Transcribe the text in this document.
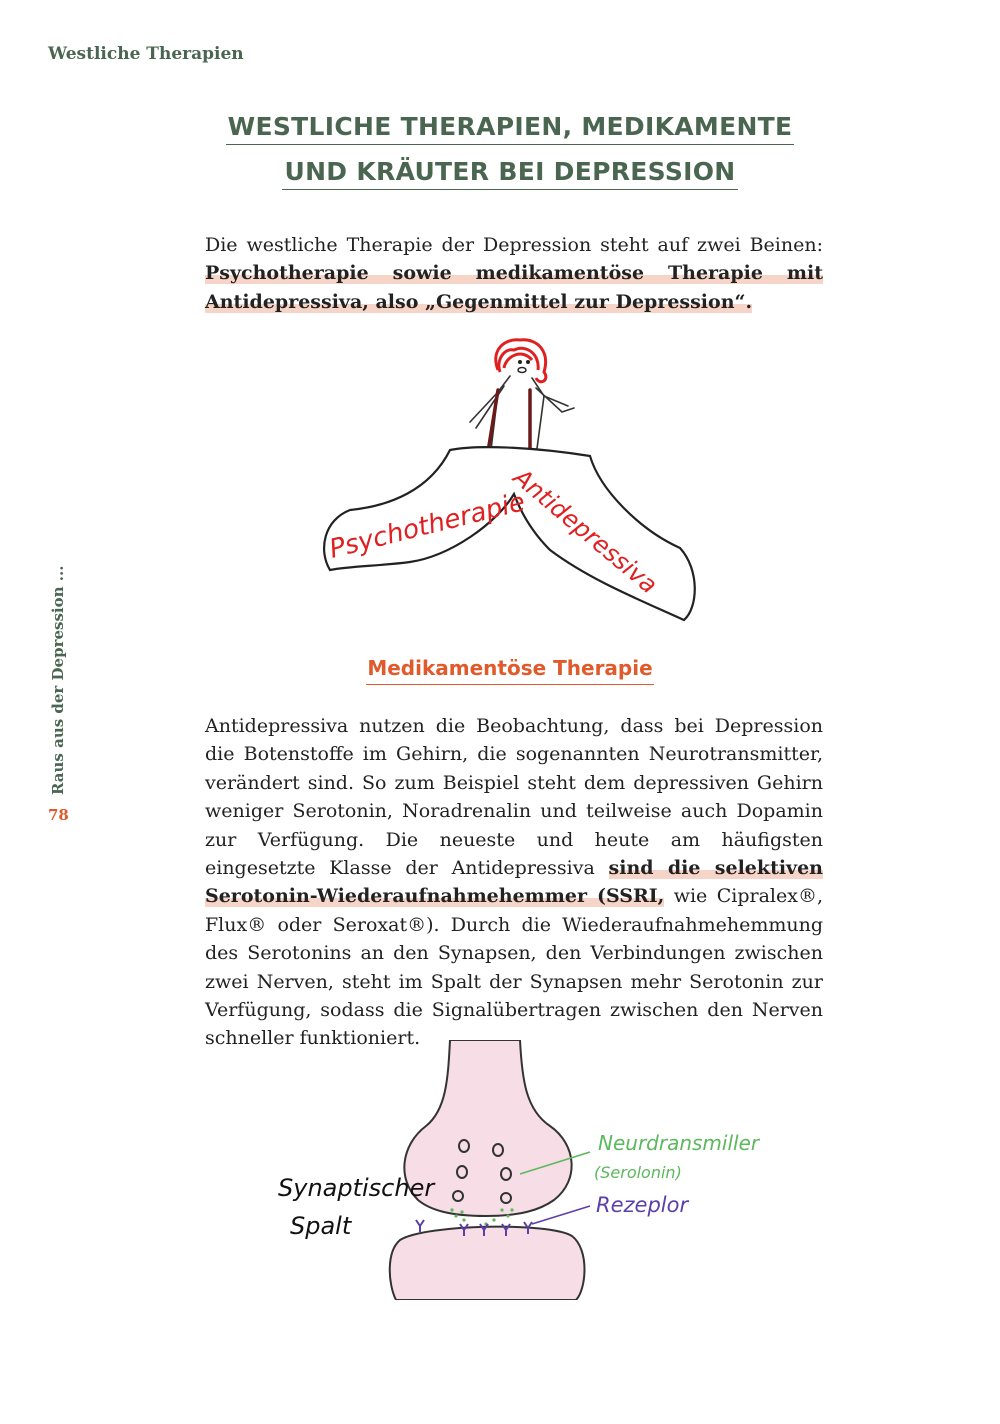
Westliche Therapien
Raus aus der Depression ...
78
WESTLICHE THERAPIEN, MEDIKAMENTE
UND KRÄUTER BEI DEPRESSION
Die westliche Therapie der Depression steht auf zwei Beinen: Psychotherapie sowie medikamentöse Therapie mit Antidepressiva, also „Gegenmittel zur Depression“.
Psychotherapie
Antidepressiva
Medikamentöse Therapie
Antidepressiva nutzen die Beobachtung, dass bei Depression die Botenstoffe im Gehirn, die sogenannten Neurotransmitter, verändert sind. So zum Beispiel steht dem depressiven Gehirn weniger Serotonin, Noradrenalin und teilweise auch Dopamin zur Verfügung. Die neueste und heute am häufigsten eingesetzte Klasse der Antidepressiva sind die selektiven Serotonin-Wiederaufnahmehemmer (SSRI, wie Cipralex®, Flux® oder Seroxat®). Durch die Wiederaufnahmehemmung des Serotonins an den Synapsen, den Verbindungen zwischen zwei Nerven, steht im Spalt der Synapsen mehr Serotonin zur Verfügung, sodass die Signalübertragen zwischen den Nerven schneller funktioniert.
Synaptischer
Spalt
Neurdransmiller
(Serolonin)
Rezeplor
